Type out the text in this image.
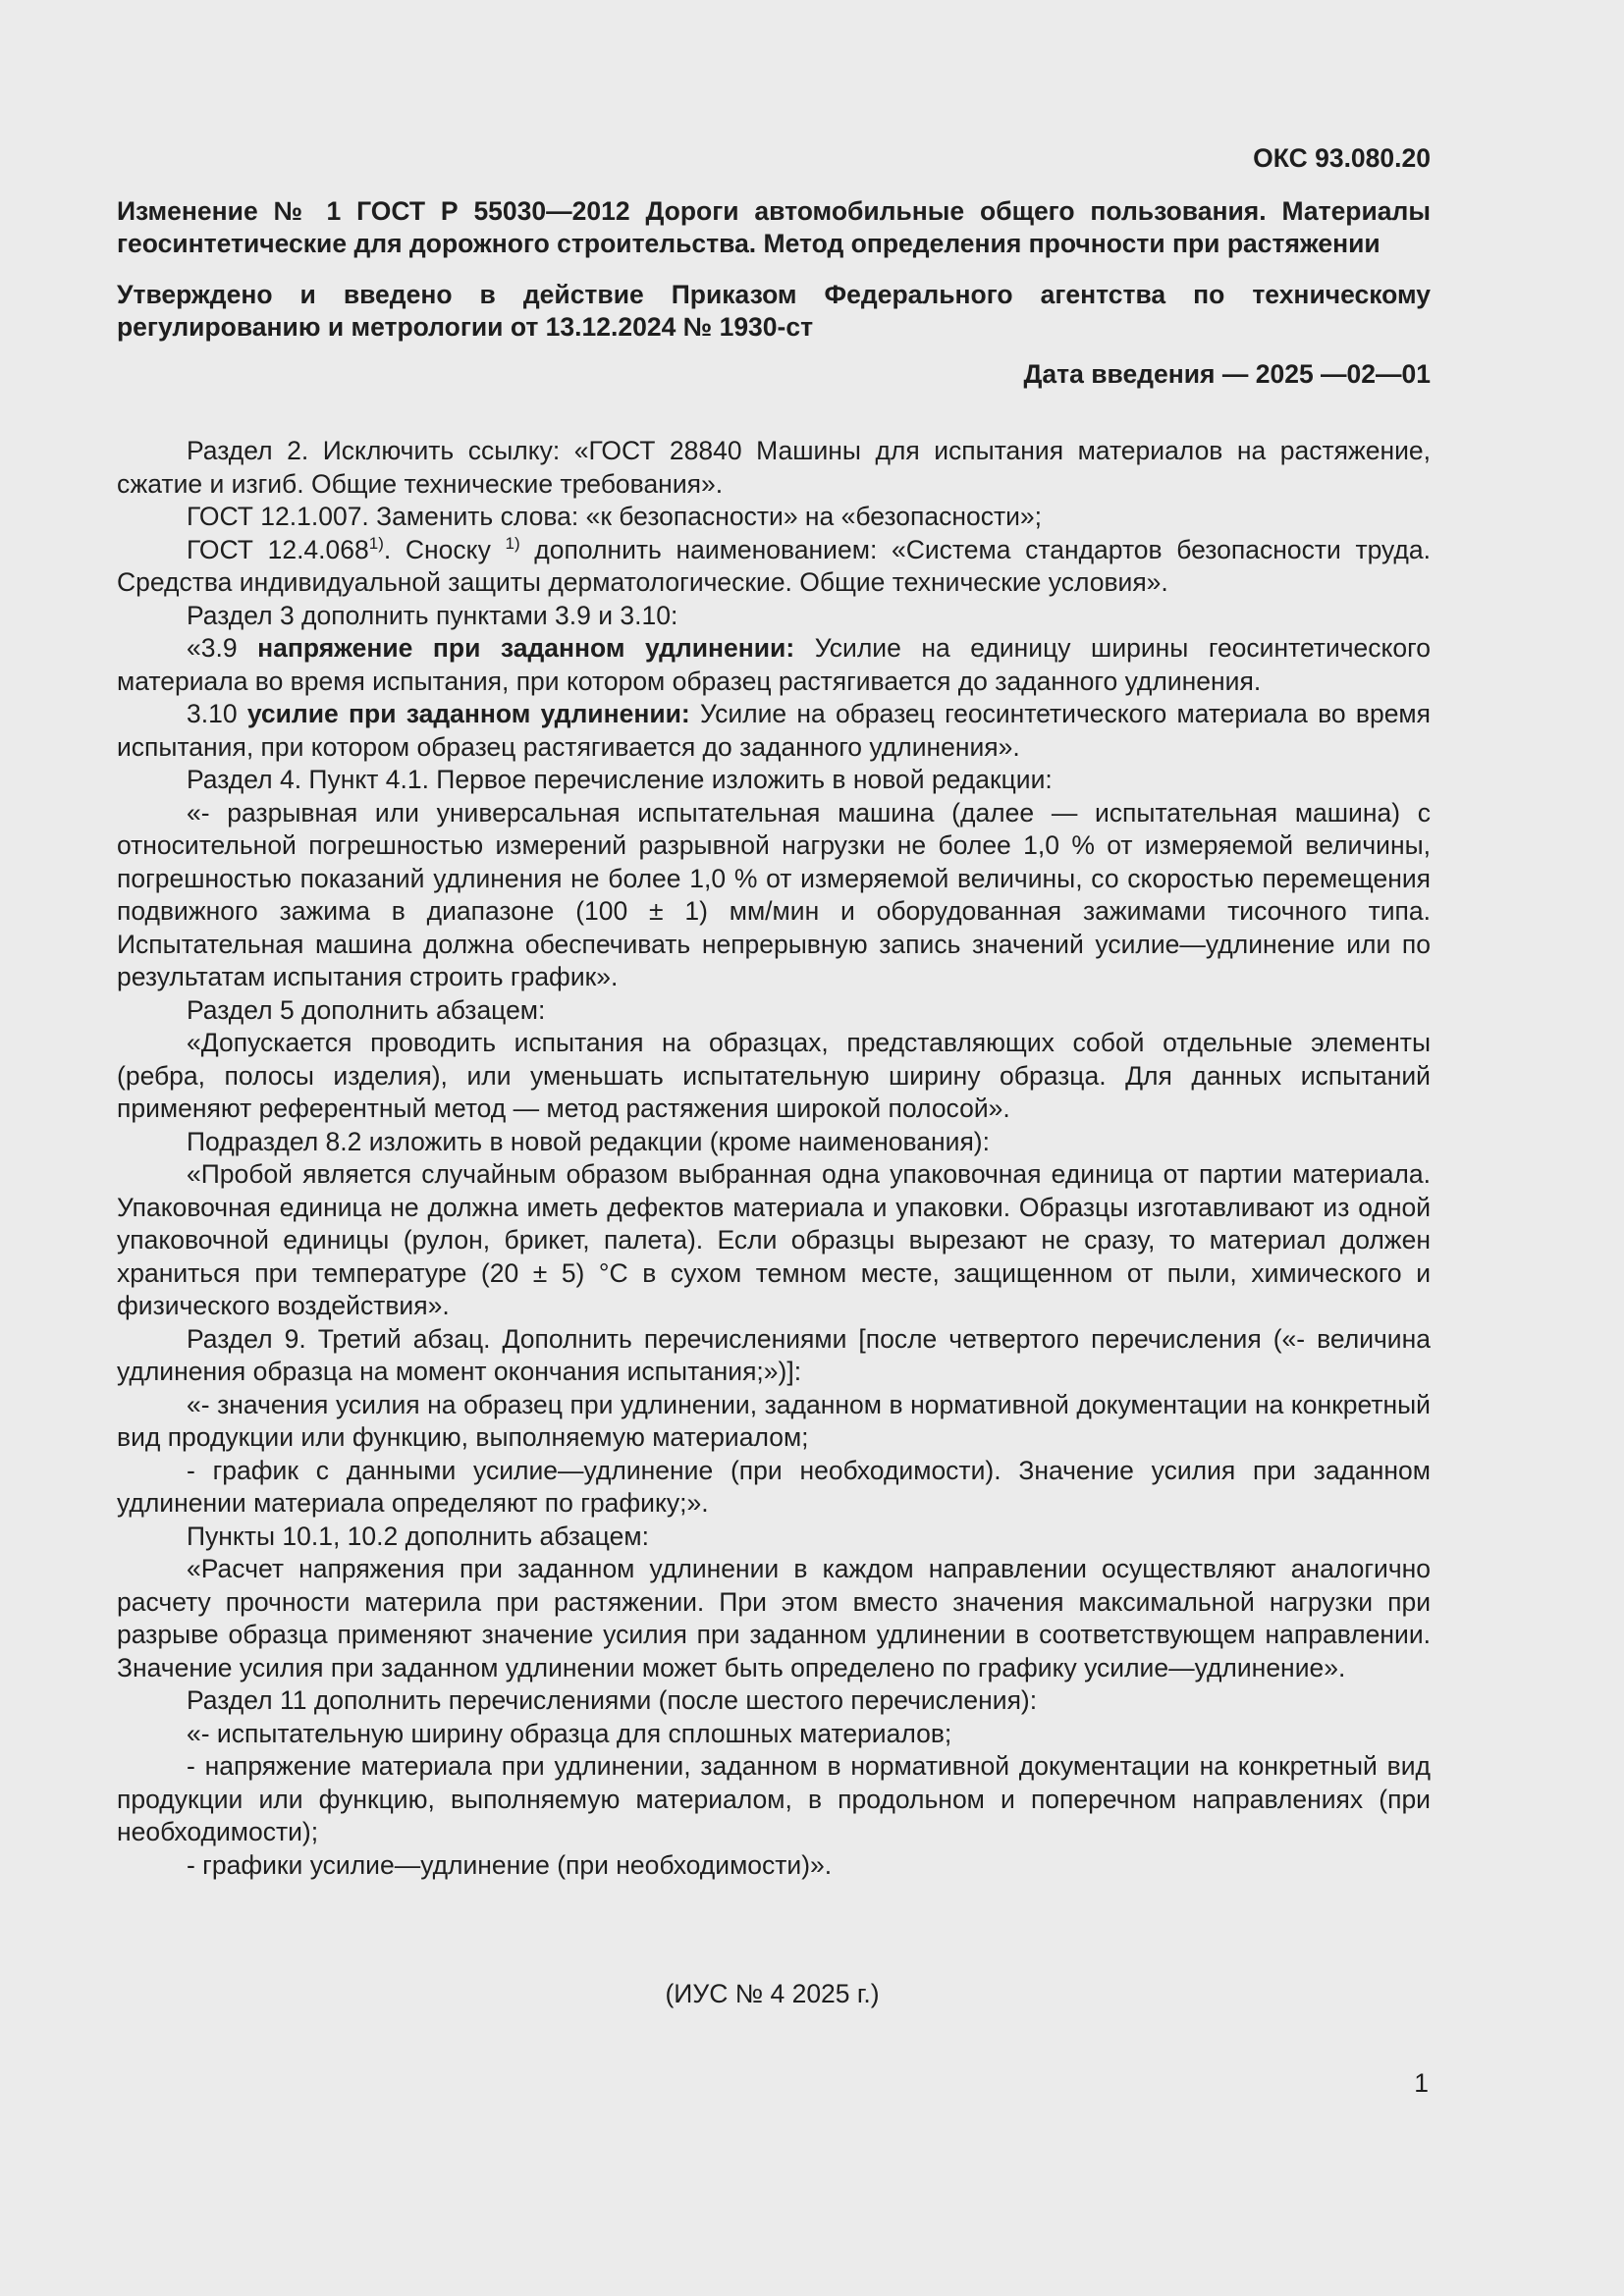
ОКС 93.080.20
Изменение № 1 ГОСТ Р 55030—2012 Дороги автомобильные общего пользования. Материалы геосинтетические для дорожного строительства. Метод определения прочности при растяжении
Утверждено и введено в действие Приказом Федерального агентства по техническому регулированию и метрологии от 13.12.2024 № 1930-ст
Дата введения — 2025 —02—01

Раздел 2. Исключить ссылку: «ГОСТ 28840 Машины для испытания материалов на растяжение, сжатие и изгиб. Общие технические требования».

ГОСТ 12.1.007. Заменить слова: «к безопасности» на «безопасности»;

ГОСТ 12.4.068$^{1)}$. Сноску $^{1)}$ дополнить наименованием: «Система стандартов безопасности труда. Средства индивидуальной защиты дерматологические. Общие технические условия».

Раздел 3 дополнить пунктами 3.9 и 3.10:

«3.9 напряжение при заданном удлинении: Усилие на единицу ширины геосинтетического материала во время испытания, при котором образец растягивается до заданного удлинения.

3.10 усилие при заданном удлинении: Усилие на образец геосинтетического материала во время испытания, при котором образец растягивается до заданного удлинения».

Раздел 4. Пункт 4.1. Первое перечисление изложить в новой редакции:

«- разрывная или универсальная испытательная машина (далее — испытательная машина) с относительной погрешностью измерений разрывной нагрузки не более 1,0 % от измеряемой величины, погрешностью показаний удлинения не более 1,0 % от измеряемой величины, со скоростью перемещения подвижного зажима в диапазоне (100 ± 1) мм/мин и оборудованная зажимами тисочного типа. Испытательная машина должна обеспечивать непрерывную запись значений усилие—удлинение или по результатам испытания строить график».

Раздел 5 дополнить абзацем:

«Допускается проводить испытания на образцах, представляющих собой отдельные элементы (ребра, полосы изделия), или уменьшать испытательную ширину образца. Для данных испытаний применяют референтный метод — метод растяжения широкой полосой».

Подраздел 8.2 изложить в новой редакции (кроме наименования):

«Пробой является случайным образом выбранная одна упаковочная единица от партии материала. Упаковочная единица не должна иметь дефектов материала и упаковки. Образцы изготавливают из одной упаковочной единицы (рулон, брикет, палета). Если образцы вырезают не сразу, то материал должен храниться при температуре (20 ± 5) °С в сухом темном месте, защищенном от пыли, химического и физического воздействия».

Раздел 9. Третий абзац. Дополнить перечислениями [после четвертого перечисления («- величина удлинения образца на момент окончания испытания;»)]:

«- значения усилия на образец при удлинении, заданном в нормативной документации на конкретный вид продукции или функцию, выполняемую материалом;

- график с данными усилие—удлинение (при необходимости). Значение усилия при заданном удлинении материала определяют по графику;».

Пункты 10.1, 10.2 дополнить абзацем:

«Расчет напряжения при заданном удлинении в каждом направлении осуществляют аналогично расчету прочности материла при растяжении. При этом вместо значения максимальной нагрузки при разрыве образца применяют значение усилия при заданном удлинении в соответствующем направлении. Значение усилия при заданном удлинении может быть определено по графику усилие—удлинение».

Раздел 11 дополнить перечислениями (после шестого перечисления):

«- испытательную ширину образца для сплошных материалов;

- напряжение материала при удлинении, заданном в нормативной документации на конкретный вид продукции или функцию, выполняемую материалом, в продольном и поперечном направлениях (при необходимости);

- графики усилие—удлинение (при необходимости)».

(ИУС № 4 2025 г.)
1
